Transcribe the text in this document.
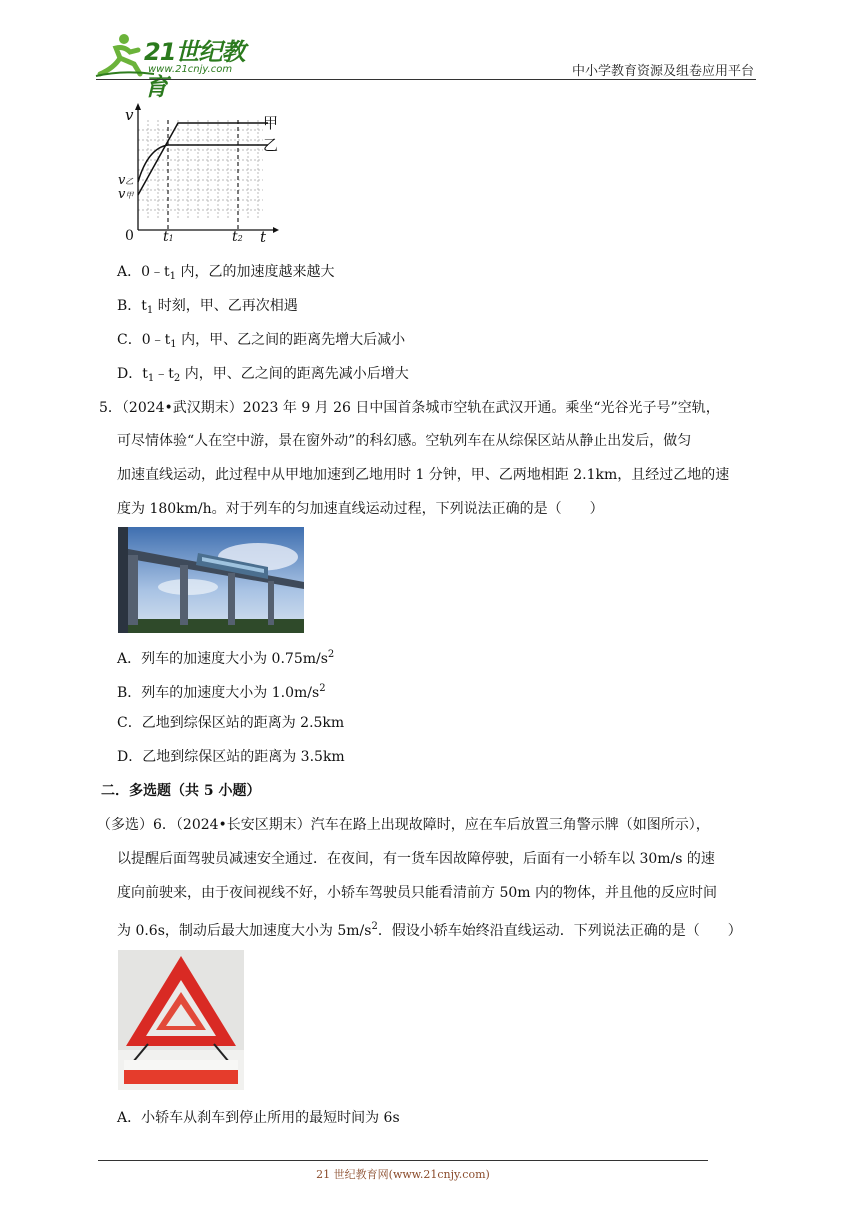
21世纪教育
www.21cnjy.com	中小学教育资源及组卷应用平台
v
t
0 t1	t2
v乙
v甲
甲
乙
A．$0﹣t_1$ 内，乙的加速度越来越大
B．$t_1$ 时刻，甲、乙再次相遇
C．$0﹣t_1$ 内，甲、乙之间的距离先增大后减小
D．$t_1﹣t_2$ 内，甲、乙之间的距离先减小后增大
5．（2024•武汉期末）2023 年 9 月 26 日中国首条城市空轨在武汉开通。乘坐“光谷光子号”空轨，
可尽情体验“人在空中游，景在窗外动”的科幻感。空轨列车在从综保区站从静止出发后，做匀
加速直线运动，此过程中从甲地加速到乙地用时 1 分钟，甲、乙两地相距 2.1km，且经过乙地的速
度为 180km/h。对于列车的匀加速直线运动过程，下列说法正确的是（　　）
A．列车的加速度大小为 $0.75m/s^2$
B．列车的加速度大小为 $1.0m/s^2$
C．乙地到综保区站的距离为 2.5km
D．乙地到综保区站的距离为 3.5km
二．多选题（共 5 小题）
（多选）6．（2024•长安区期末）汽车在路上出现故障时，应在车后放置三角警示牌（如图所示），
以提醒后面驾驶员减速安全通过．在夜间，有一货车因故障停驶，后面有一小轿车以 30m/s 的速
度向前驶来，由于夜间视线不好，小轿车驾驶员只能看清前方 50m 内的物体，并且他的反应时间
为 0.6s，制动后最大加速度大小为 $5m/s^2$．假设小轿车始终沿直线运动．下列说法正确的是（　　）
A．小轿车从刹车到停止所用的最短时间为 6s
21 世纪教育网(www.21cnjy.com)
